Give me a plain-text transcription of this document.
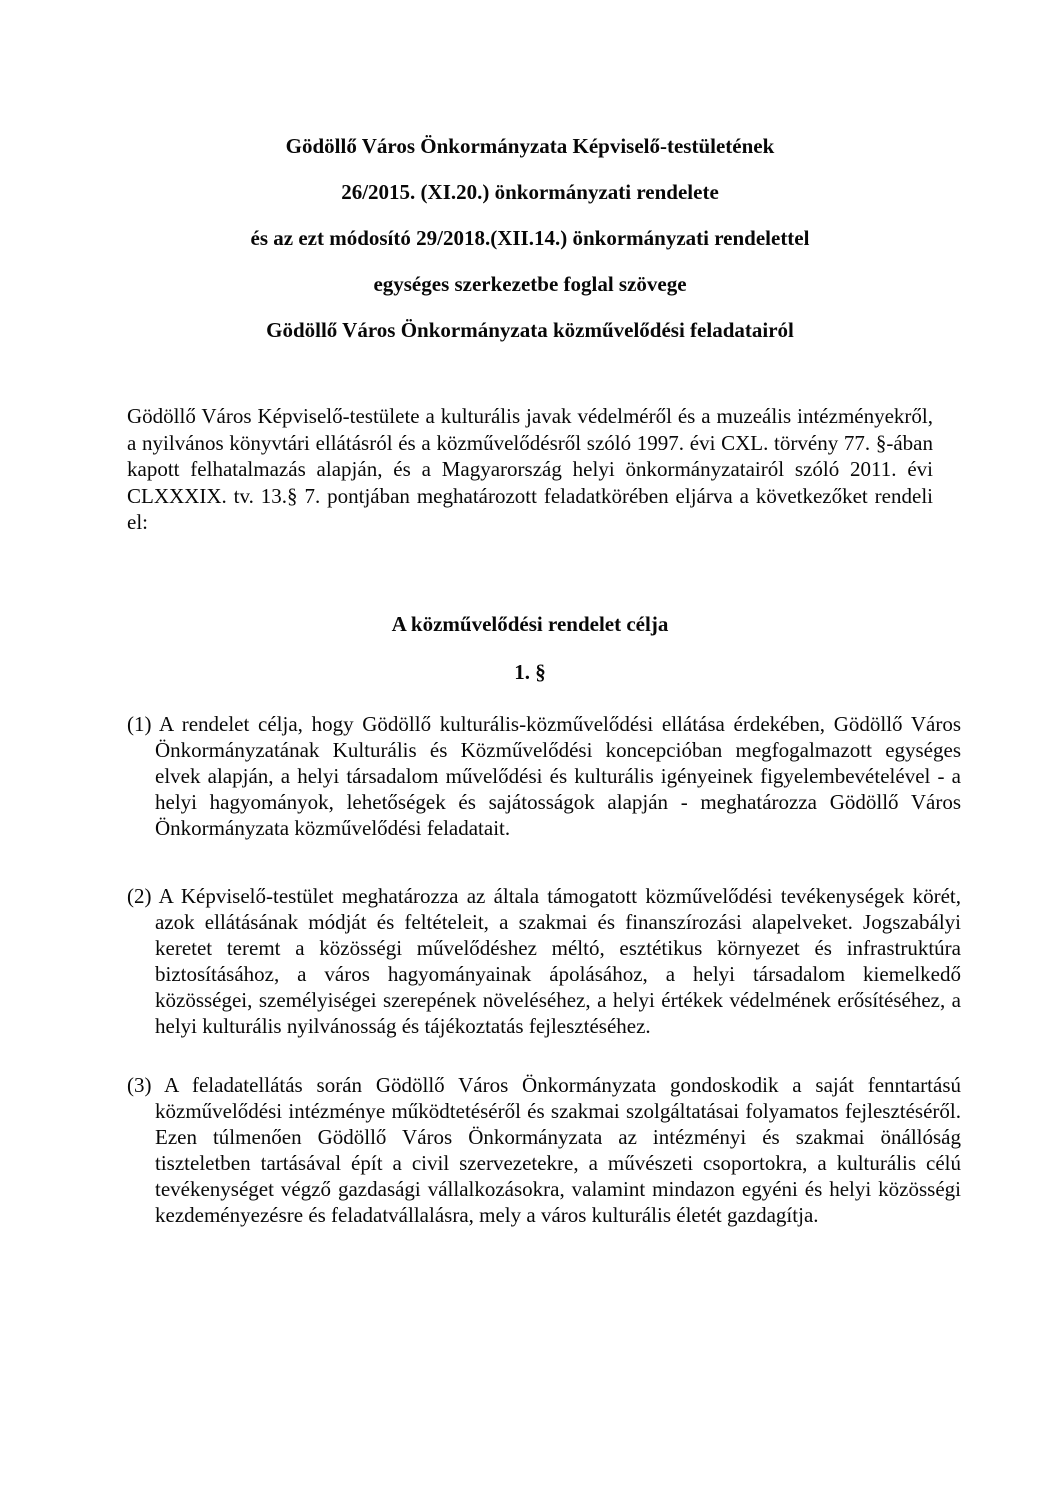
Gödöllő Város Önkormányzata Képviselő-testületének
26/2015. (XI.20.) önkormányzati rendelete
és az ezt módosító 29/2018.(XII.14.) önkormányzati rendelettel
egységes szerkezetbe foglal szövege
Gödöllő Város Önkormányzata közművelődési feladatairól

Gödöllő Város Képviselő-testülete a kulturális javak védelméről és a muzeális intézményekről, a nyilvános könyvtári ellátásról és a közművelődésről szóló 1997. évi CXL. törvény 77. §-ában kapott felhatalmazás alapján, és a Magyarország helyi önkormányzatairól szóló 2011. évi CLXXXIX. tv. 13.§ 7. pontjában meghatározott feladatkörében eljárva a következőket rendeli el:

A közművelődési rendelet célja
1. §

(1) A rendelet célja, hogy Gödöllő kulturális-közművelődési ellátása érdekében, Gödöllő Város Önkormányzatának Kulturális és Közművelődési koncepcióban megfogalmazott egységes elvek alapján, a helyi társadalom művelődési és kulturális igényeinek figyelembevételével - a helyi hagyományok, lehetőségek és sajátosságok alapján - meghatározza Gödöllő Város Önkormányzata közművelődési feladatait.

(2) A Képviselő-testület meghatározza az általa támogatott közművelődési tevékenységek körét, azok ellátásának módját és feltételeit, a szakmai és finanszírozási alapelveket. Jogszabályi keretet teremt a közösségi művelődéshez méltó, esztétikus környezet és infrastruktúra biztosításához, a város hagyományainak ápolásához, a helyi társadalom kiemelkedő közösségei, személyiségei szerepének növeléséhez, a helyi értékek védelmének erősítéséhez, a helyi kulturális nyilvánosság és tájékoztatás fejlesztéséhez.

(3) A feladatellátás során Gödöllő Város Önkormányzata gondoskodik a saját fenntartású közművelődési intézménye működtetéséről és szakmai szolgáltatásai folyamatos fejlesztéséről. Ezen túlmenően Gödöllő Város Önkormányzata az intézményi és szakmai önállóság tiszteletben tartásával épít a civil szervezetekre, a művészeti csoportokra, a kulturális célú tevékenységet végző gazdasági vállalkozásokra, valamint mindazon egyéni és helyi közösségi kezdeményezésre és feladatvállalásra, mely a város kulturális életét gazdagítja.
